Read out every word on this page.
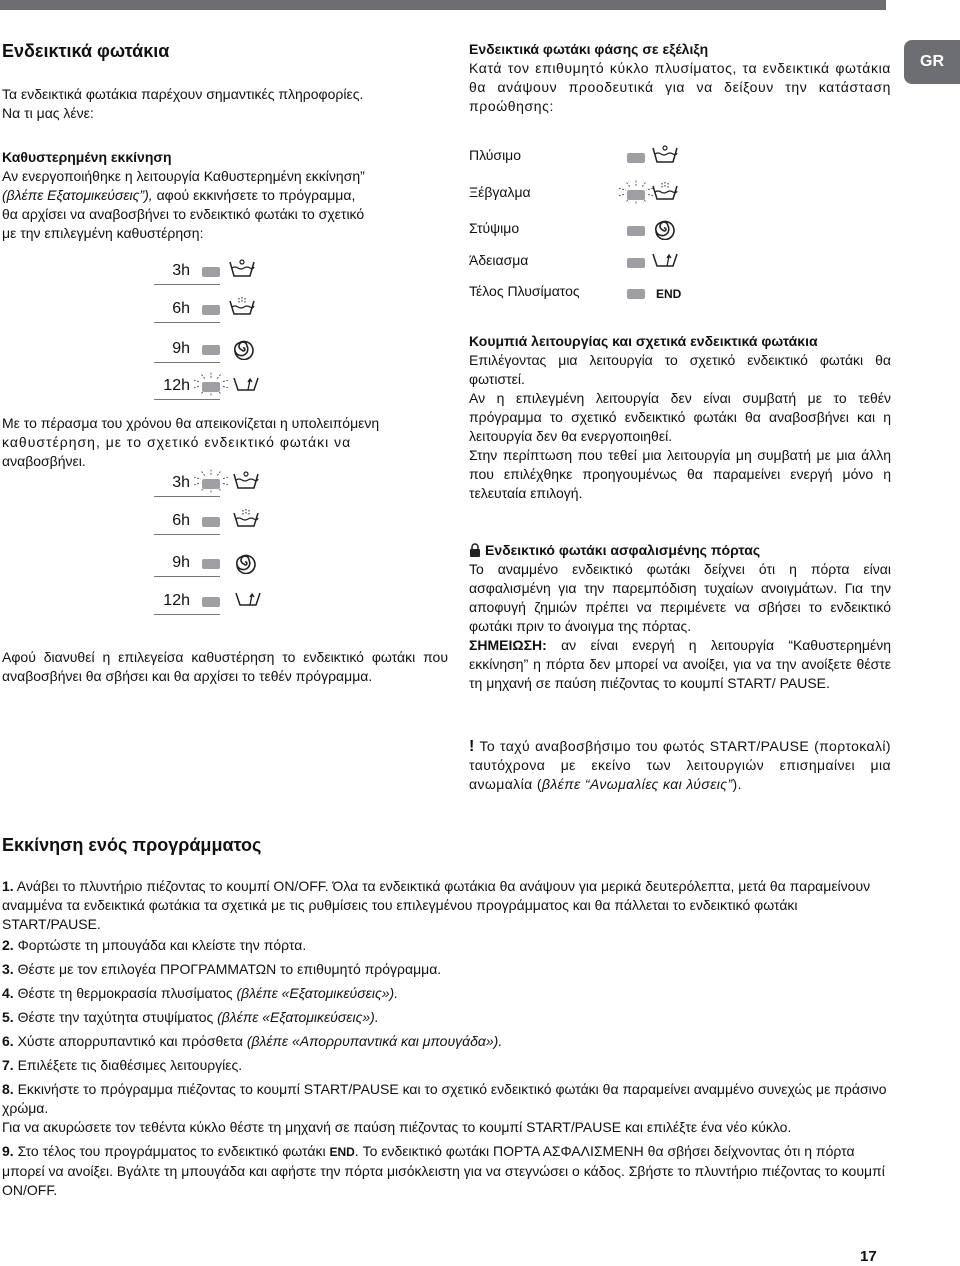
GR

Ενδεικτικά φωτάκια

Τα ενδεικτικά φωτάκια παρέχουν σημαντικές πληροφορίες.

Να τι μας λένε:

Καθυστερημένη εκκίνηση

Αν ενεργοποιήθηκε η λειτουργία Καθυστερημένη εκκίνηση”

(βλέπε Εξατομικεύσεις”), αφού εκκινήσετε το πρόγραμμα,

θα αρχίσει να αναβοσβήνει το ενδεικτικό φωτάκι το σχετικό

με την επιλεγμένη καθυστέρηση:

3h
6h
9h
12h

Με το πέρασμα του χρόνου θα απεικονίζεται η υπολειπόμενη

καθυστέρηση, με το σχετικό ενδεικτικό φωτάκι να

αναβοσβήνει.

3h
6h
9h
12h
Αφού διανυθεί η επιλεγείσα καθυστέρηση το ενδεικτικό φωτάκι που αναβοσβήνει θα σβήσει και θα αρχίσει το τεθέν πρόγραμμα.

Ενδεικτικά φωτάκι φάσης σε εξέλιξη

Κατά τον επιθυμητό κύκλο πλυσίματος, τα ενδεικτικά φωτάκια θα ανάψουν προοδευτικά για να δείξουν την κατάσταση προώθησης:

Πλύσιμο
Ξέβγαλμα
Στύψιμο
Άδειασμα
Τέλος Πλυσίματος	END

Κουμπιά λειτουργίας και σχετικά ενδεικτικά φωτάκια

Επιλέγοντας μια λειτουργία το σχετικό ενδεικτικό φωτάκι θα φωτιστεί.

Αν η επιλεγμένη λειτουργία δεν είναι συμβατή με το τεθέν πρόγραμμα το σχετικό ενδεικτικό φωτάκι θα αναβοσβήνει και η λειτουργία δεν θα ενεργοποιηθεί.

Στην περίπτωση που τεθεί μια λειτουργία μη συμβατή με μια άλλη που επιλέχθηκε προηγουμένως θα παραμείνει ενεργή μόνο η τελευταία επιλογή.

Ενδεικτικό φωτάκι ασφαλισμένης πόρτας

Το αναμμένο ενδεικτικό φωτάκι δείχνει ότι η πόρτα είναι ασφαλισμένη για την παρεμπόδιση τυχαίων ανοιγμάτων. Για την αποφυγή ζημιών πρέπει να περιμένετε να σβήσει το ενδεικτικό φωτάκι πριν το άνοιγμα της πόρτας.

ΣΗΜΕΙΩΣΗ: αν είναι ενεργή η λειτουργία “Καθυστερημένη εκκίνηση” η πόρτα δεν μπορεί να ανοίξει, για να την ανοίξετε θέστε τη μηχανή σε παύση πιέζοντας το κουμπί START/ PAUSE.

! Το ταχύ αναβοσβήσιμο του φωτός START/PAUSE (πορτοκαλί) ταυτόχρονα με εκείνο των λειτουργιών επισημαίνει μια ανωμαλία (βλέπε “Ανωμαλίες και λύσεις”).

Εκκίνηση ενός προγράμματος

1. Ανάβει το πλυντήριο πιέζοντας το κουμπί ON/OFF. Όλα τα ενδεικτικά φωτάκια θα ανάψουν για μερικά δευτερόλεπτα, μετά θα παραμείνουν αναμμένα τα ενδεικτικά φωτάκια τα σχετικά με τις ρυθμίσεις του επιλεγμένου προγράμματος και θα πάλλεται το ενδεικτικό φωτάκι START/PAUSE.

2. Φορτώστε τη μπουγάδα και κλείστε την πόρτα.

3. Θέστε με τον επιλογέα ΠΡΟΓΡΑΜΜΑΤΩΝ το επιθυμητό πρόγραμμα.

4. Θέστε τη θερμοκρασία πλυσίματος (βλέπε «Εξατομικεύσεις»).

5. Θέστε την ταχύτητα στυψίματος (βλέπε «Εξατομικεύσεις»).

6. Χύστε απορρυπαντικό και πρόσθετα (βλέπε «Απορρυπαντικά και μπουγάδα»).

7. Επιλέξετε τις διαθέσιμες λειτουργίες.

8. Εκκινήστε το πρόγραμμα πιέζοντας το κουμπί START/PAUSE και το σχετικό ενδεικτικό φωτάκι θα παραμείνει αναμμένο συνεχώς με πράσινο χρώμα.

Για να ακυρώσετε τον τεθέντα κύκλο θέστε τη μηχανή σε παύση πιέζοντας το κουμπί START/PAUSE και επιλέξτε ένα νέο κύκλο.

9. Στο τέλος του προγράμματος το ενδεικτικό φωτάκι END. Το ενδεικτικό φωτάκι ΠΟΡΤΑ ΑΣΦΑΛΙΣΜΕΝΗ θα σβήσει δείχνοντας ότι η πόρτα μπορεί να ανοίξει. Βγάλτε τη μπουγάδα και αφήστε την πόρτα μισόκλειστη για να στεγνώσει ο κάδος. Σβήστε το πλυντήριο πιέζοντας το κουμπί ON/OFF.

17
